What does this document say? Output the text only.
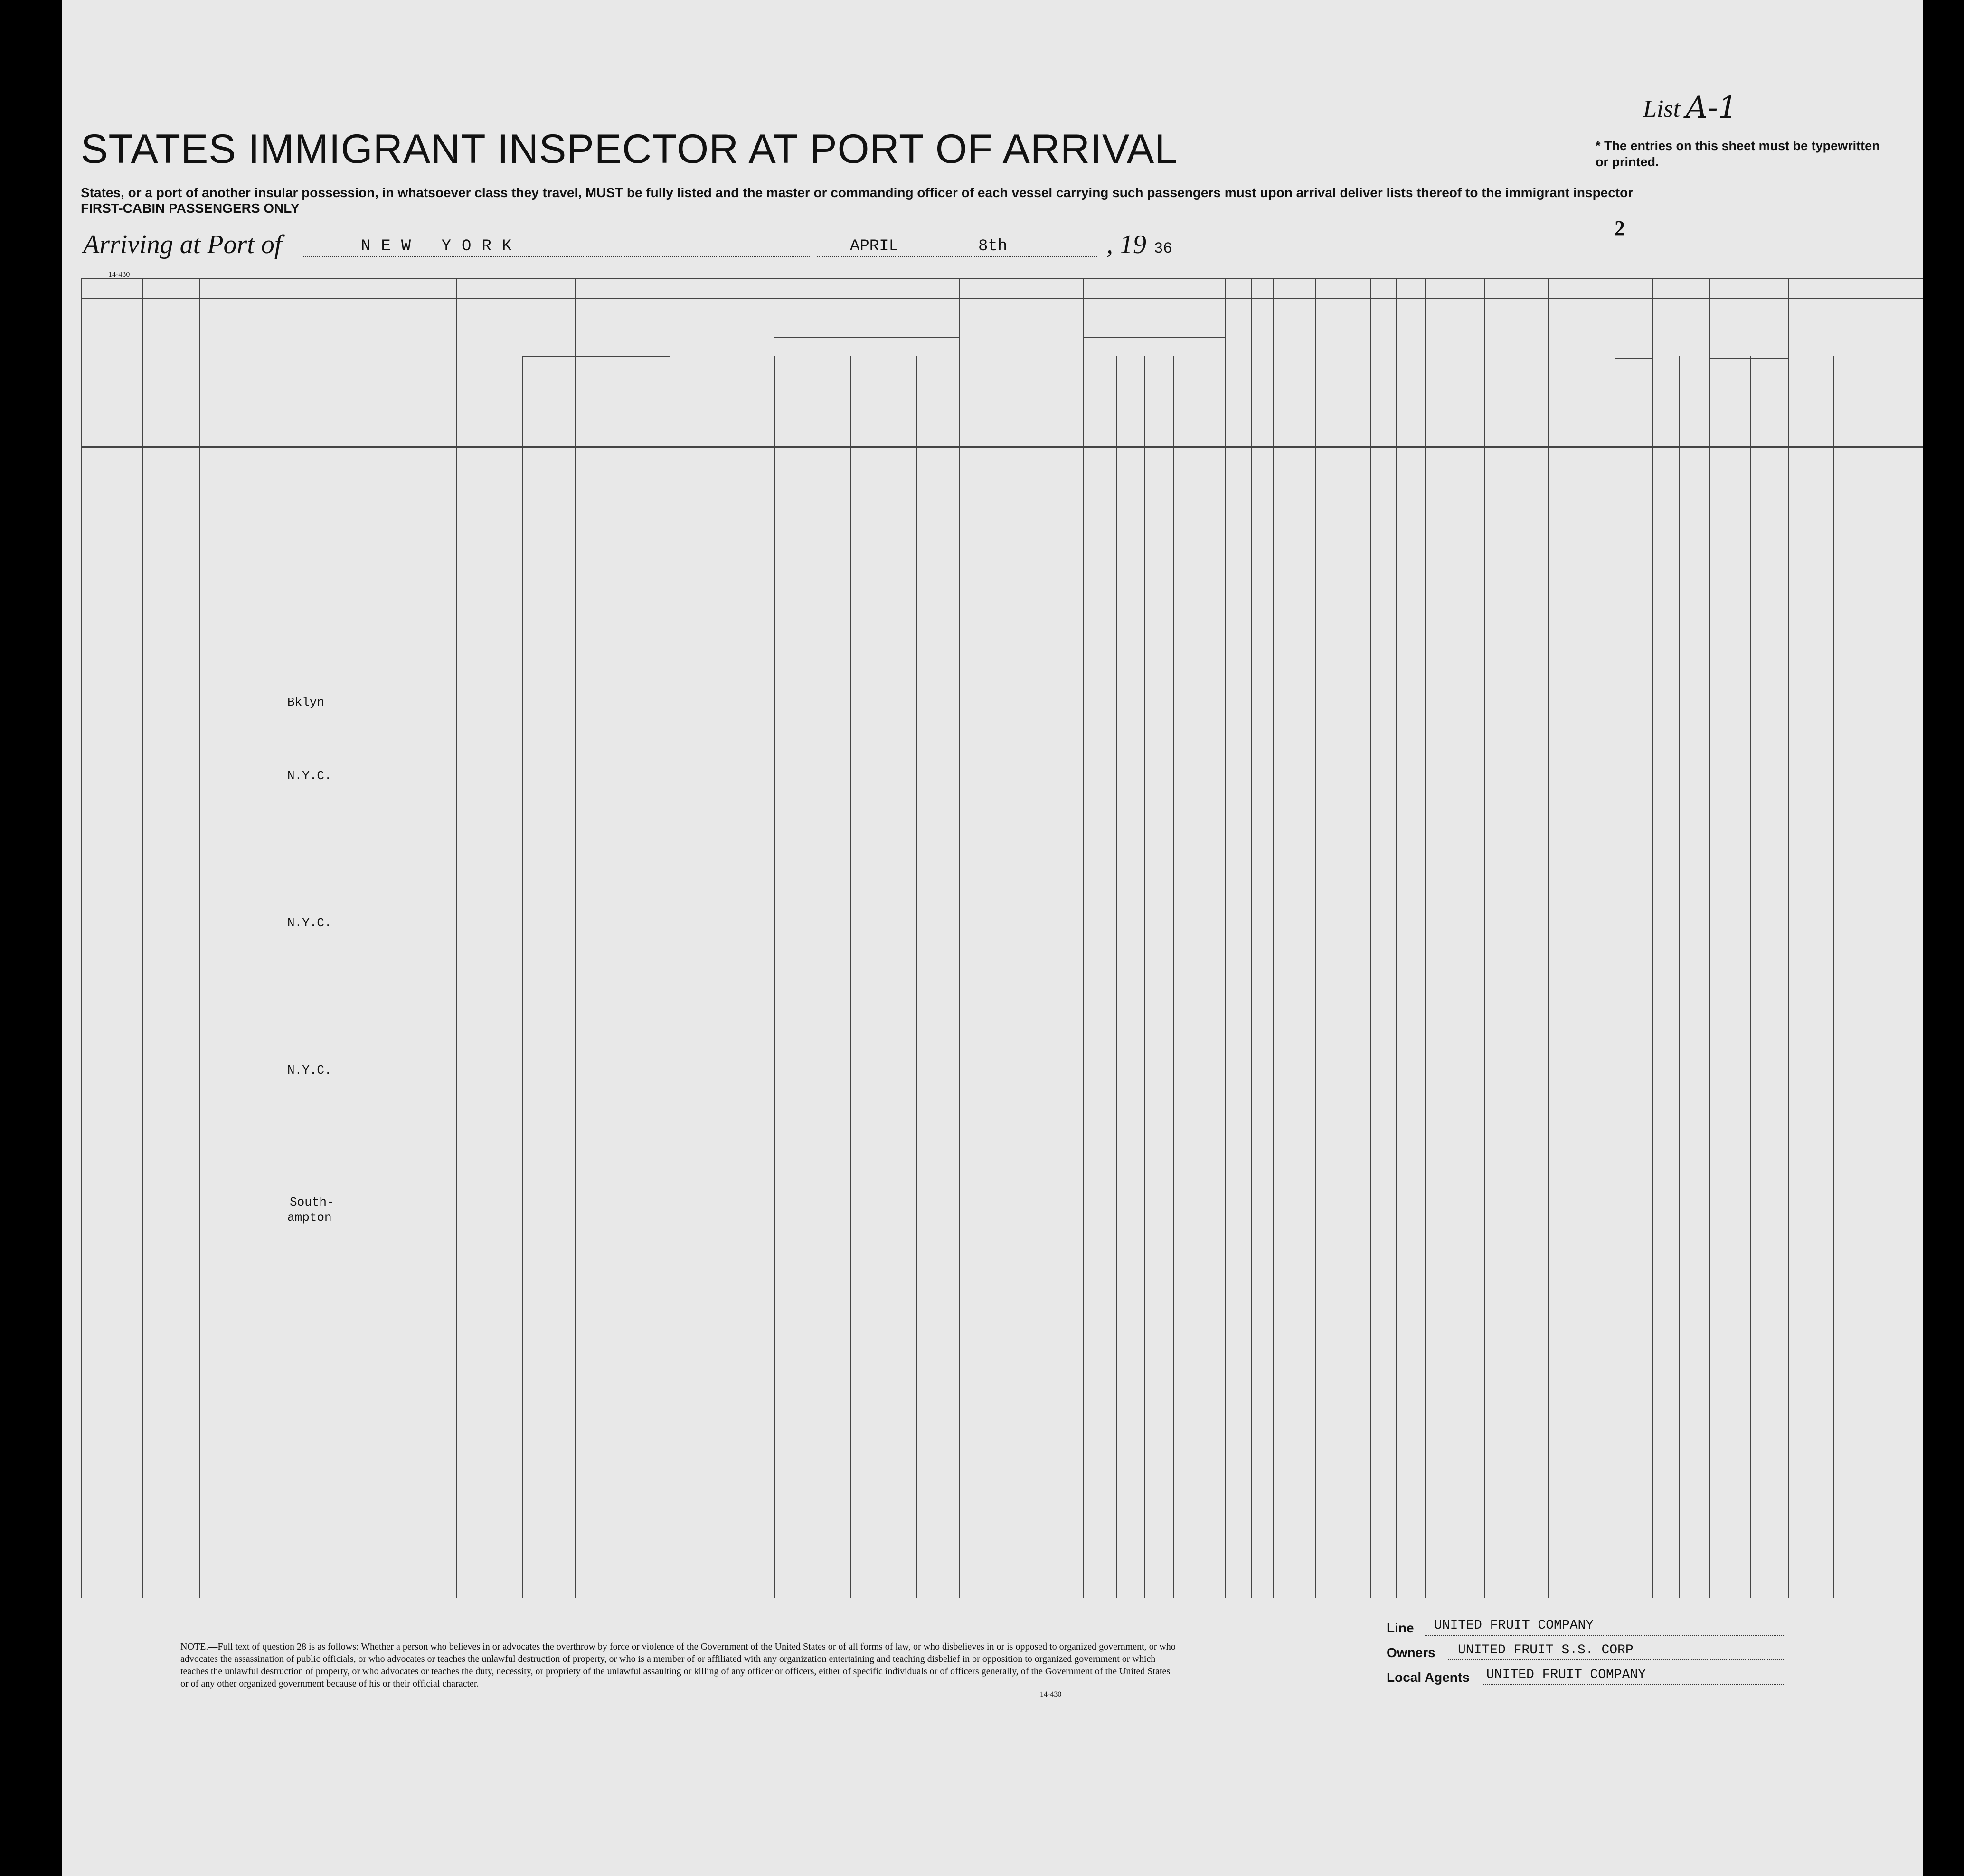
List A-1
STATES IMMIGRANT INSPECTOR AT PORT OF ARRIVAL	* The entries on this sheet must be typewritten or printed.
States, or a port of another insular possession, in whatsoever class they travel, MUST be fully listed and the master or commanding officer of each vessel carrying such passengers must upon arrival deliver lists thereof to the immigrant inspector
FIRST-CABIN PASSENGERS ONLY
Arriving at Port of	NEW YORK	APRIL	8th	, 19 36
2
14-430
Bklyn
N.Y.C.
N.Y.C.
N.Y.C.
ampton
South-
NOTE.—Full text of question 28 is as follows: Whether a person who believes in or advocates the overthrow by force or violence of the Government of the United States or of all forms of law, or who disbelieves in or is opposed to organized government, or who advocates the assassination of public officials, or who advocates or teaches the unlawful destruction of property, or who is a member of or affiliated with any organization entertaining and teaching disbelief in or opposition to organized government or which teaches the unlawful destruction of property, or who advocates or teaches the duty, necessity, or propriety of the unlawful assaulting or killing of any officer or officers, either of specific individuals or of officers generally, of the Government of the United States or of any other organized government because of his or their official character.
14-430
Line UNITED FRUIT COMPANY
Owners UNITED FRUIT S.S. CORP
Local Agents UNITED FRUIT COMPANY
